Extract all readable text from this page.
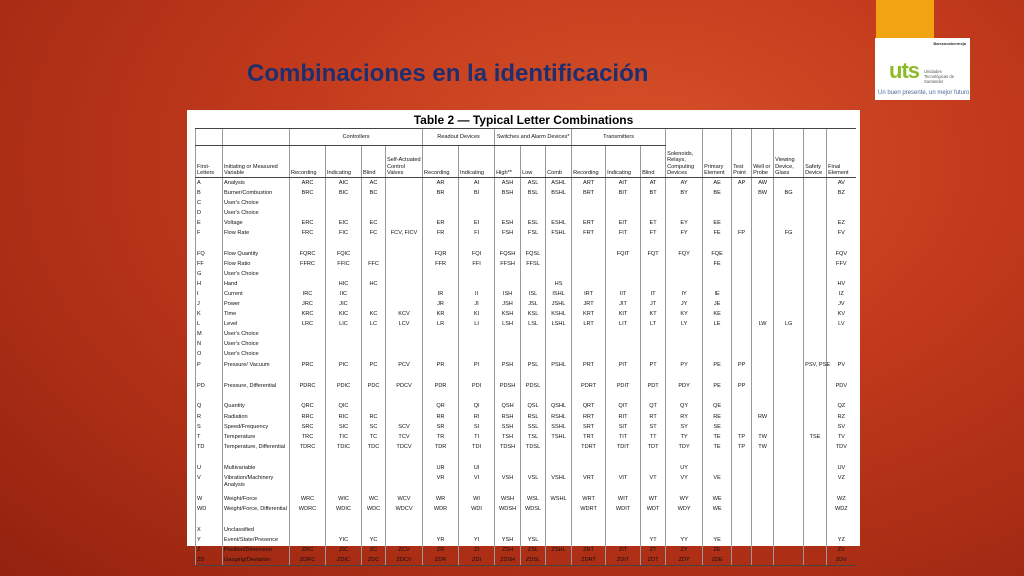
Barrancabermeja
uts Unidades Tecnológicas de Santander
Un buen presente, un mejor futuro.
Combinaciones en la identificación
Table 2 — Typical Letter Combinations
		Controllers				Readout Devices		Switches and Alarm Devices*			Transmitters			Solenoids, Relays, Computing Devices	Primary Element	Test Point	Well or Probe	Viewing Device, Glass	Safety Device	Final Element
First-Letters	Initiating or Measured Variable	Recording	Indicating	Blind	Self-Actuated Control Valves	Recording	Indicating	High**	Low	Comb	Recording	Indicating	Blind							
A	Analysis	ARC	AIC	AC		AR	AI	ASH	ASL	ASHL	ART	AIT	AT	AY	AE	AP	AW			AV
B	Burner/Combustion	BRC	BIC	BC		BR	BI	BSH	BSL	BSHL	BRT	BIT	BT	BY	BE		BW	BG		BZ
C	User's Choice																			
D	User's Choice																			
E	Voltage	ERC	EIC	EC		ER	EI	ESH	ESL	ESHL	ERT	EIT	ET	EY	EE					EZ
F	Flow Rate	FRC	FIC	FC	FCV, FICV	FR	FI	FSH	FSL	FSHL	FRT	FIT	FT	FY	FE	FP		FG		FV
FQ	Flow Quantity	FQRC	FQIC			FQR	FQI	FQSH	FQSL			FQIT	FQT	FQY	FQE					FQV
FF	Flow Ratio	FFRC	FFIC	FFC		FFR	FFI	FFSH	FFSL						FE					FFV
G	User's Choice																			
H	Hand		HIC	HC						HS										HV
I	Current	IRC	IIC			IR	II	ISH	ISL	ISHL	IRT	IIT	IT	IY	IE					IZ
J	Power	JRC	JIC			JR	JI	JSH	JSL	JSHL	JRT	JIT	JT	JY	JE					JV
K	Time	KRC	KIC	KC	KCV	KR	KI	KSH	KSL	KSHL	KRT	KIT	KT	KY	KE					KV
L	Level	LRC	LIC	LC	LCV	LR	LI	LSH	LSL	LSHL	LRT	LIT	LT	LY	LE		LW	LG		LV
M	User's Choice																			
N	User's Choice																			
O	User's Choice																			
P	Pressure/ Vacuum	PRC	PIC	PC	PCV	PR	PI	PSH	PSL	PSHL	PRT	PIT	PT	PY	PE	PP			PSV, PSE	PV
PD	Pressure, Differential	PDRC	PDIC	PDC	PDCV	PDR	PDI	PDSH	PDSL		PDRT	PDIT	PDT	PDY	PE	PP				PDV
Q	Quantity	QRC	QIC			QR	QI	QSH	QSL	QSHL	QRT	QIT	QT	QY	QE					QZ
R	Radiation	RRC	RIC	RC		RR	RI	RSH	RSL	RSHL	RRT	RIT	RT	RY	RE		RW			RZ
S	Speed/Frequency	SRC	SIC	SC	SCV	SR	SI	SSH	SSL	SSHL	SRT	SIT	ST	SY	SE					SV
T	Temperature	TRC	TIC	TC	TCV	TR	TI	TSH	TSL	TSHL	TRT	TIT	TT	TY	TE	TP	TW		TSE	TV
TD	Temperature, Differential	TDRC	TDIC	TDC	TDCV	TDR	TDI	TDSH	TDSL		TDRT	TDIT	TDT	TDY	TE	TP	TW			TDV
U	Multivariable					UR	UI							UY						UV
V	Vibration/Machinery Analysis					VR	VI	VSH	VSL	VSHL	VRT	VIT	VT	VY	VE					VZ
W	Weight/Force	WRC	WIC	WC	WCV	WR	WI	WSH	WSL	WSHL	WRT	WIT	WT	WY	WE					WZ
WD	Weight/Force, Differential	WDRC	WDIC	WDC	WDCV	WDR	WDI	WDSH	WDSL		WDRT	WDIT	WDT	WDY	WE					WDZ
X	Unclassified																			
Y	Event/State/Presence		YIC	YC		YR	YI	YSH	YSL				YT	YY	YE					YZ
Z	Position/Dimension	ZRC	ZIC	ZC	ZCV	ZR	ZI	ZSH	ZSL	ZSHL	ZRT	ZIT	ZT	ZY	ZE					ZV
ZD	Gauging/Deviation	ZDRC	ZDIC	ZDC	ZDCV	ZDR	ZDI	ZDSH	ZDSL		ZDRT	ZDIT	ZDT	ZDY	ZDE					ZDV
